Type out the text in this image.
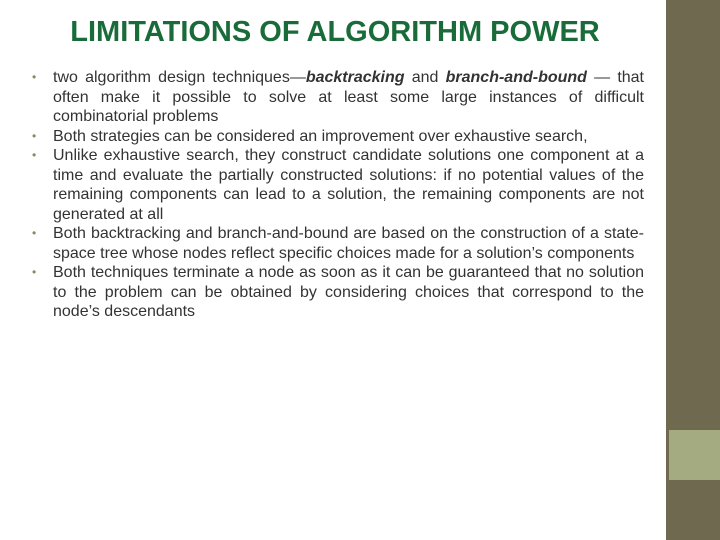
LIMITATIONS OF ALGORITHM POWER
• two algorithm design techniques—backtracking and branch-and-bound — that often make it possible to solve at least some large instances of difficult combinatorial problems
• Both strategies can be considered an improvement over exhaustive search,
• Unlike exhaustive search, they construct candidate solutions one component at a time and evaluate the partially constructed solutions: if no potential values of the remaining components can lead to a solution, the remaining components are not generated at all
• Both backtracking and branch-and-bound are based on the construction of a state-space tree whose nodes reflect specific choices made for a solution’s components
• Both techniques terminate a node as soon as it can be guaranteed that no solution to the problem can be obtained by considering choices that correspond to the node’s descendants
